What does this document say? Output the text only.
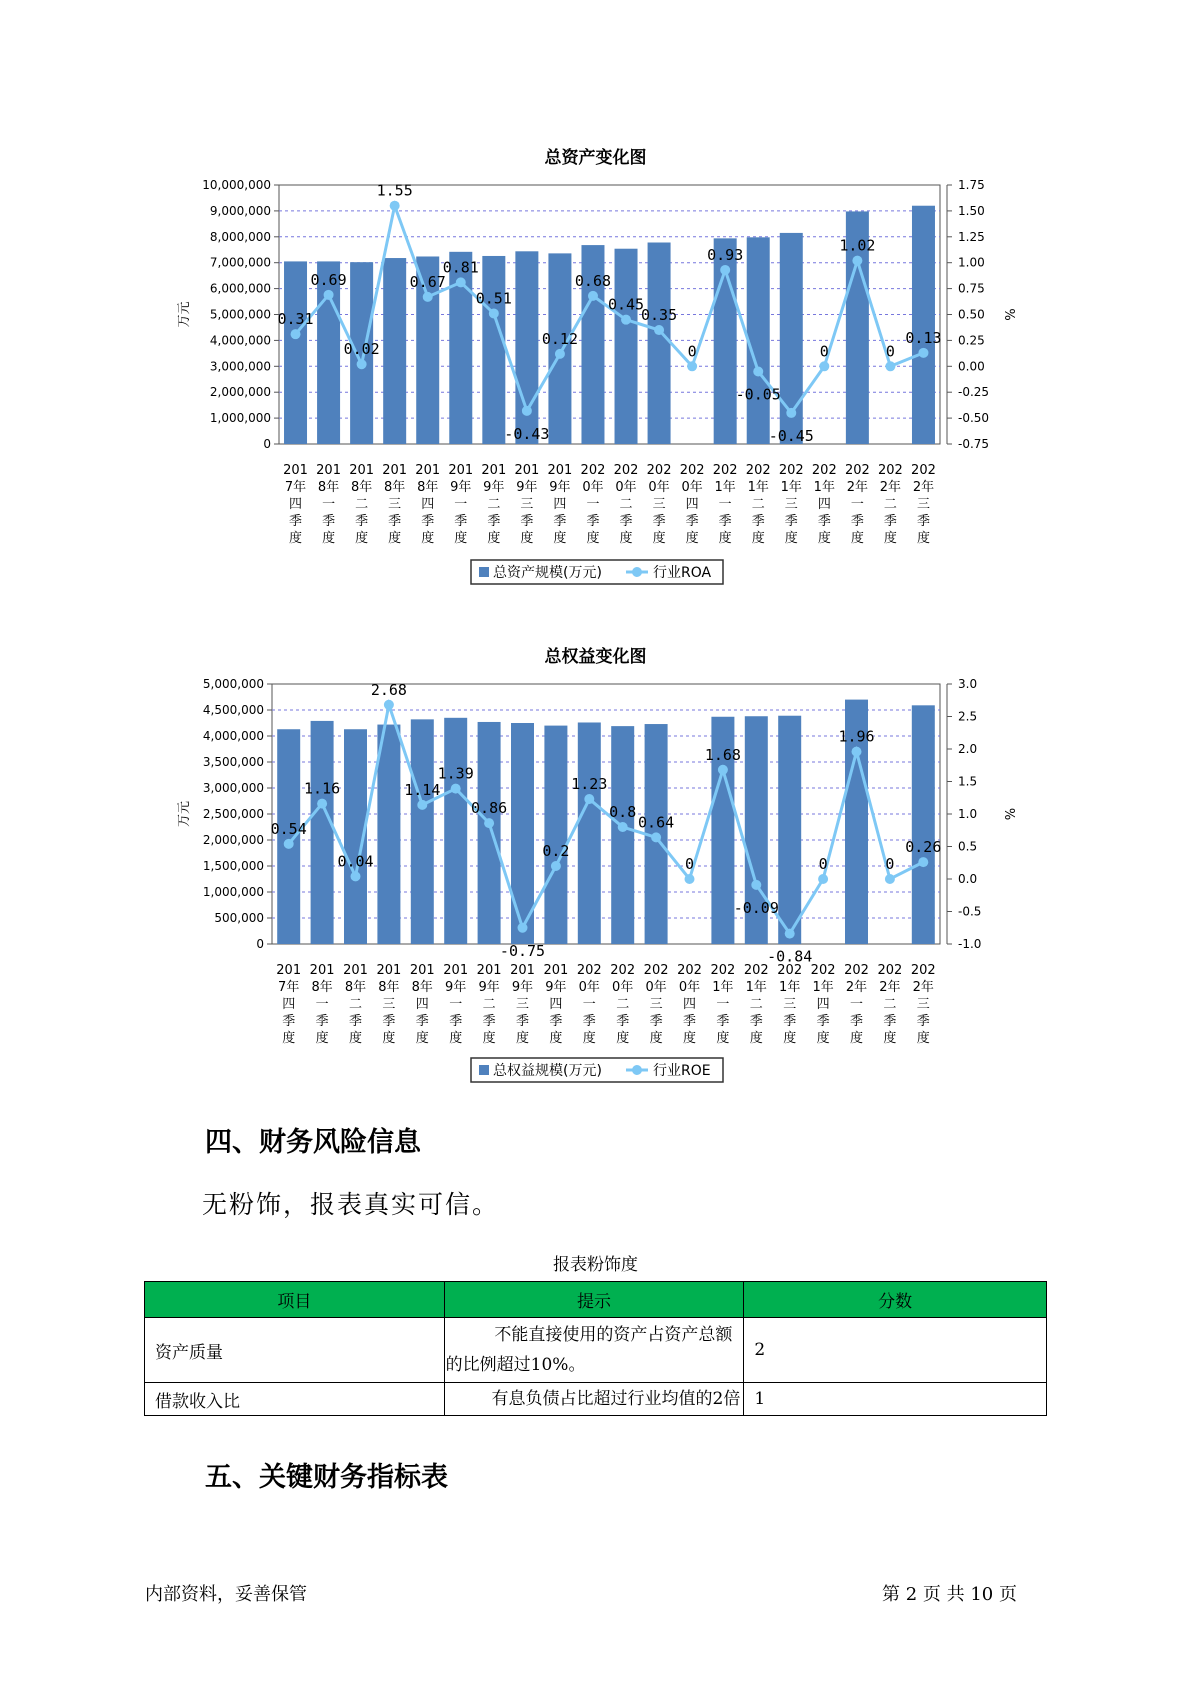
总资产变化图
0
1,000,000
2,000,000
3,000,000
4,000,000
5,000,000
6,000,000
7,000,000
8,000,000
9,000,000
10,000,000
-0.75
-0.50
-0.25
0.00
0.25
0.50
0.75
1.00
1.25
1.50
1.75
万元	%
201
7年
四
季
度
201
8年
一
季
度
201
8年
二
季
度
201
8年
三
季
度
201
8年
四
季
度
201
9年
一
季
度
201
9年
二
季
度
201
9年
三
季
度
201
9年
四
季
度
202
0年
一
季
度
202
0年
二
季
度
202
0年
三
季
度
202
0年
四
季
度
202
1年
一
季
度
202
1年
二
季
度
202
1年
三
季
度
202
1年
四
季
度
202
2年
一
季
度
202
2年
二
季
度
202
2年
三
季
度
0.31
0.69
0.02
1.55
0.67
0.81
0.51
-0.43
0.12
0.68
0.45
0.35
0
0.93
-0.05
-0.45
0
1.02
0
0.13
总资产规模(万元)	行业ROA
总权益变化图
0
500,000
1,000,000
1,500,000
2,000,000
2,500,000
3,000,000
3,500,000
4,000,000
4,500,000
5,000,000
-1.0
-0.5
0.0
0.5
1.0
1.5
2.0
2.5
3.0
万元	%
201
7年
四
季
度
201
8年
一
季
度
201
8年
二
季
度
201
8年
三
季
度
201
8年
四
季
度
201
9年
一
季
度
201
9年
二
季
度
201
9年
三
季
度
201
9年
四
季
度
202
0年
一
季
度
202
0年
二
季
度
202
0年
三
季
度
202
0年
四
季
度
202
1年
一
季
度
202
1年
二
季
度
202
1年
三
季
度
202
1年
四
季
度
202
2年
一
季
度
202
2年
二
季
度
202
2年
三
季
度
0.54
1.16
0.04
2.68
1.14
1.39
0.86
-0.75
0.2
1.23
0.8
0.64
0
1.68
-0.09
-0.84
0
1.96
0
0.26
总权益规模(万元)	行业ROE
四、财务风险信息
无粉饰，报表真实可信。
报表粉饰度
项目	提示	分数
资产质量	不能直接使用的资产占资产总额
的比例超过10%。	2
借款收入比	有息负债占比超过行业均值的2倍	1
五、关键财务指标表
内部资料，妥善保管	第 2 页 共 10 页
